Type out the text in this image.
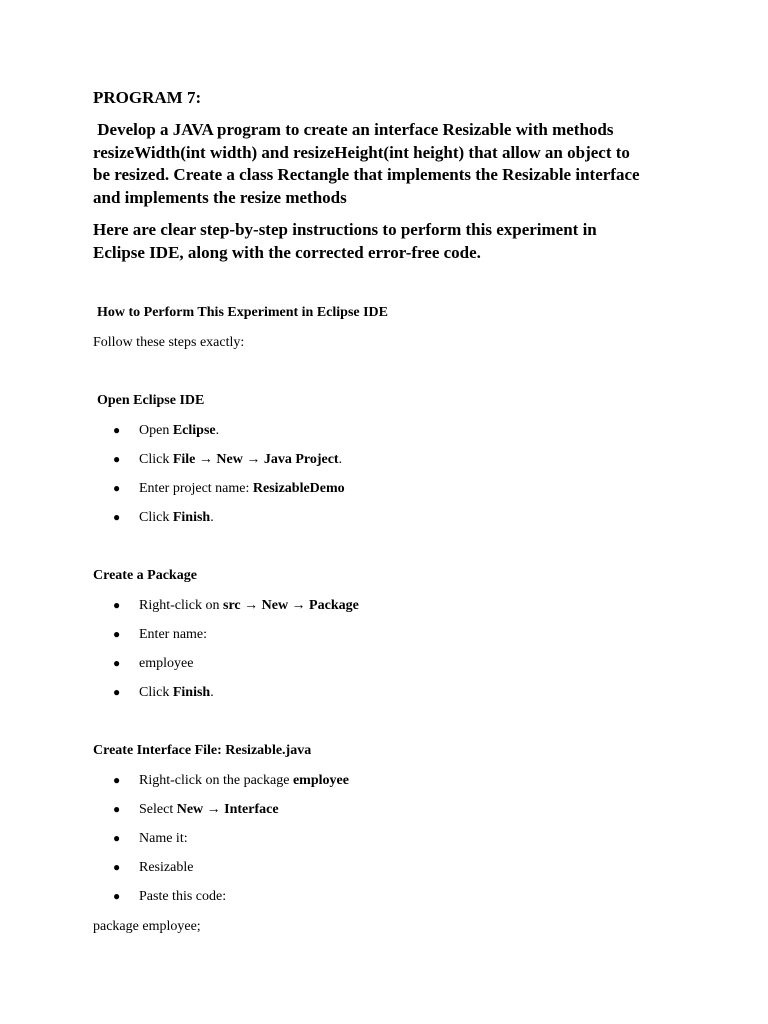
PROGRAM 7:
Develop a JAVA program to create an interface Resizable with methods
resizeWidth(int width) and resizeHeight(int height) that allow an object to
be resized. Create a class Rectangle that implements the Resizable interface
and implements the resize methods
Here are clear step-by-step instructions to perform this experiment in
Eclipse IDE, along with the corrected error-free code.
How to Perform This Experiment in Eclipse IDE
Follow these steps exactly:
Open Eclipse IDE
● Open Eclipse.
● Click File → New → Java Project.
● Enter project name: ResizableDemo
● Click Finish.
Create a Package
● Right-click on src → New → Package
● Enter name:
● employee
● Click Finish.
Create Interface File: Resizable.java
● Right-click on the package employee
● Select New → Interface
● Name it:
● Resizable
● Paste this code:
package employee;
